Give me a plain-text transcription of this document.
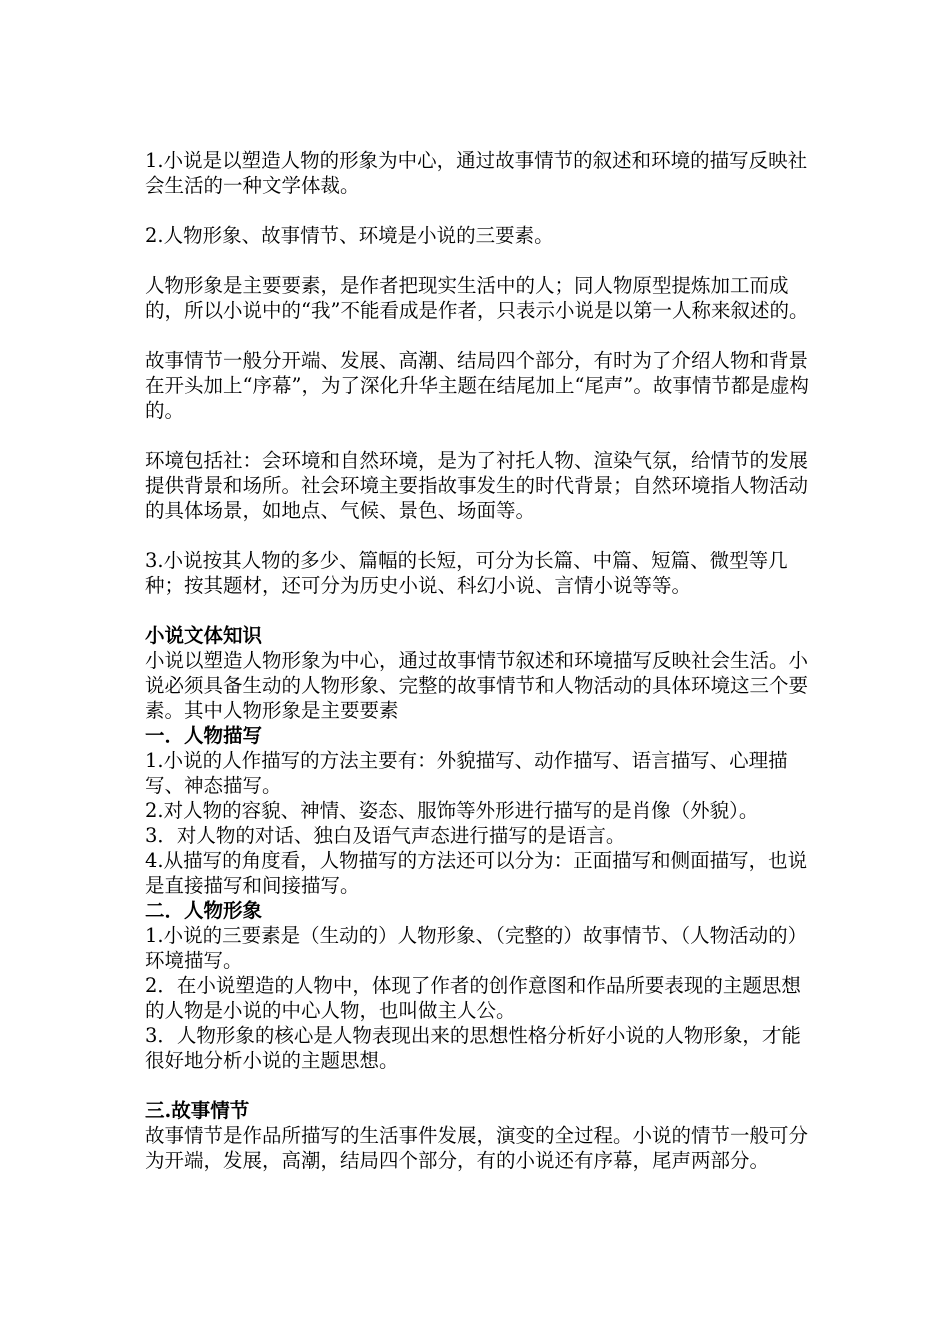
1.小说是以塑造人物的形象为中心，通过故事情节的叙述和环境的描写反映社会生活的一种文学体裁。

2.人物形象、故事情节、环境是小说的三要素。

人物形象是主要要素，是作者把现实生活中的人；同人物原型提炼加工而成的，所以小说中的“我”不能看成是作者，只表示小说是以第一人称来叙述的。

故事情节一般分开端、发展、高潮、结局四个部分，有时为了介绍人物和背景在开头加上“序幕”，为了深化升华主题在结尾加上“尾声”。故事情节都是虚构的。

环境包括社：会环境和自然环境，是为了衬托人物、渲染气氛，给情节的发展提供背景和场所。社会环境主要指故事发生的时代背景；自然环境指人物活动的具体场景，如地点、气候、景色、场面等。

3.小说按其人物的多少、篇幅的长短，可分为长篇、中篇、短篇、微型等几种；按其题材，还可分为历史小说、科幻小说、言情小说等等。

小说文体知识

小说以塑造人物形象为中心，通过故事情节叙述和环境描写反映社会生活。小说必须具备生动的人物形象、完整的故事情节和人物活动的具体环境这三个要素。其中人物形象是主要要素

一．人物描写

1.小说的人作描写的方法主要有：外貌描写、动作描写、语言描写、心理描写、神态描写。

2.对人物的容貌、神情、姿态、服饰等外形进行描写的是肖像（外貌）。

3．对人物的对话、独白及语气声态进行描写的是语言。

4.从描写的角度看，人物描写的方法还可以分为：正面描写和侧面描写，也说是直接描写和间接描写。

二．人物形象

1.小说的三要素是（生动的）人物形象、（完整的）故事情节、（人物活动的）环境描写。

2．在小说塑造的人物中，体现了作者的创作意图和作品所要表现的主题思想的人物是小说的中心人物，也叫做主人公。

3．人物形象的核心是人物表现出来的思想性格分析好小说的人物形象，才能很好地分析小说的主题思想。

三.故事情节

故事情节是作品所描写的生活事件发展，演变的全过程。小说的情节一般可分为开端，发展，高潮，结局四个部分，有的小说还有序幕，尾声两部分。
